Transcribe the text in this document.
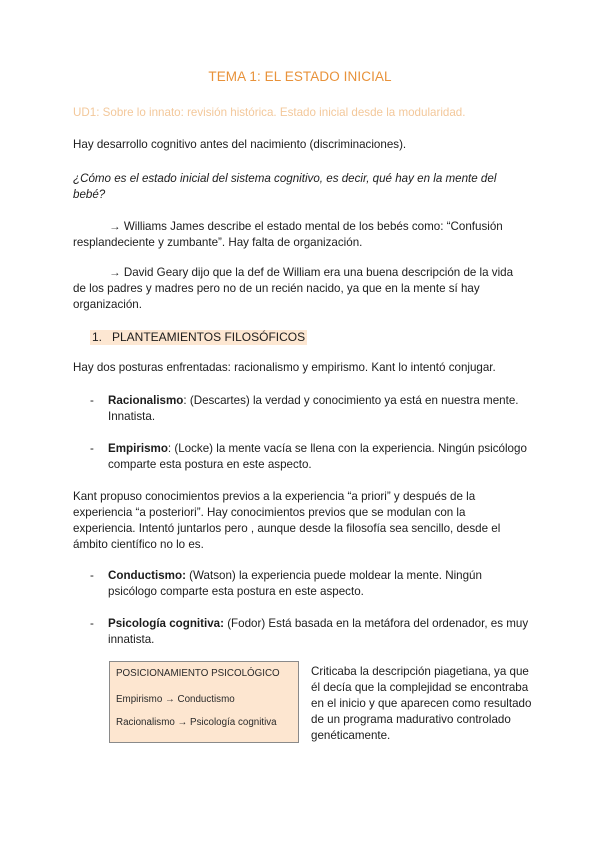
TEMA 1: EL ESTADO INICIAL

UD1: Sobre lo innato: revisión histórica. Estado inicial desde la modularidad.

Hay desarrollo cognitivo antes del nacimiento (discriminaciones).

¿Cómo es el estado inicial del sistema cognitivo, es decir, qué hay en la mente del bebé?

→ Williams James describe el estado mental de los bebés como: “Confusión resplandeciente y zumbante”. Hay falta de organización.

→ David Geary dijo que la def de William era una buena descripción de la vida de los padres y madres pero no de un recién nacido, ya que en la mente sí hay organización.

1. PLANTEAMIENTOS FILOSÓFICOS

Hay dos posturas enfrentadas: racionalismo y empirismo. Kant lo intentó conjugar.

- Racionalismo: (Descartes) la verdad y conocimiento ya está en nuestra mente. Innatista.
- Empirismo: (Locke) la mente vacía se llena con la experiencia. Ningún psicólogo comparte esta postura en este aspecto.

Kant propuso conocimientos previos a la experiencia “a priori” y después de la experiencia “a posteriori”. Hay conocimientos previos que se modulan con la experiencia. Intentó juntarlos pero , aunque desde la filosofía sea sencillo, desde el ámbito científico no lo es.

- Conductismo: (Watson) la experiencia puede moldear la mente. Ningún psicólogo comparte esta postura en este aspecto.
- Psicología cognitiva: (Fodor) Está basada en la metáfora del ordenador, es muy innatista.
POSICIONAMIENTO PSICOLÓGICO
Empirismo → Conductismo
Racionalismo → Psicología cognitiva

Criticaba la descripción piagetiana, ya que él decía que la complejidad se encontraba en el inicio y que aparecen como resultado de un programa madurativo controlado genéticamente.
